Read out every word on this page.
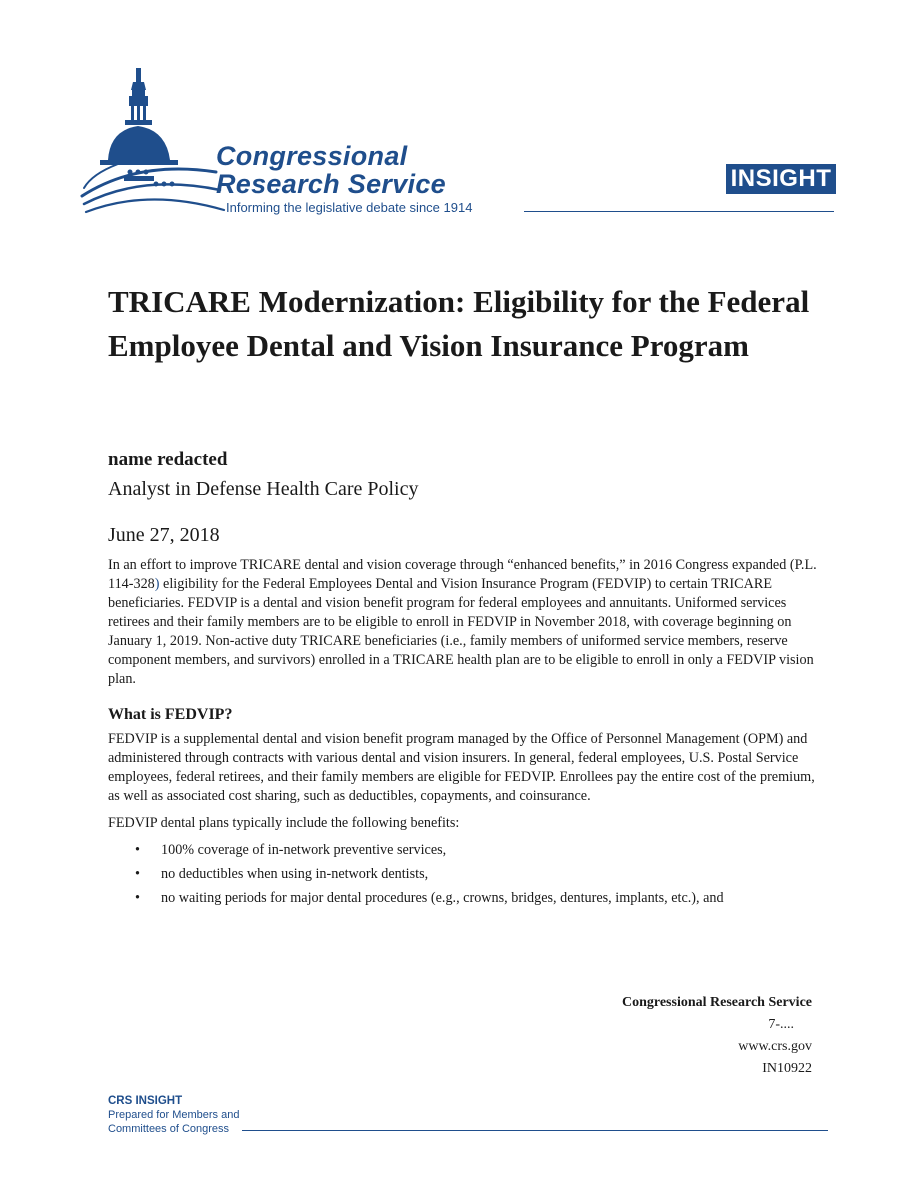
Congressional
Research Service
Informing the legislative debate since 1914
INSIGHT
TRICARE Modernization: Eligibility for the Federal Employee Dental and Vision Insurance Program
name redacted
Analyst in Defense Health Care Policy
June 27, 2018

In an effort to improve TRICARE dental and vision coverage through “enhanced benefits,” in 2016 Congress expanded (P.L. 114-328) eligibility for the Federal Employees Dental and Vision Insurance Program (FEDVIP) to certain TRICARE beneficiaries. FEDVIP is a dental and vision benefit program for federal employees and annuitants. Uniformed services retirees and their family members are to be eligible to enroll in FEDVIP in November 2018, with coverage beginning on January 1, 2019. Non-active duty TRICARE beneficiaries (i.e., family members of uniformed service members, reserve component members, and survivors) enrolled in a TRICARE health plan are to be eligible to enroll in only a FEDVIP vision plan.

What is FEDVIP?

FEDVIP is a supplemental dental and vision benefit program managed by the Office of Personnel Management (OPM) and administered through contracts with various dental and vision insurers. In general, federal employees, U.S. Postal Service employees, federal retirees, and their family members are eligible for FEDVIP. Enrollees pay the entire cost of the premium, as well as associated cost sharing, such as deductibles, copayments, and coinsurance.

FEDVIP dental plans typically include the following benefits:

• 100% coverage of in-network preventive services,
• no deductibles when using in-network dentists,
• no waiting periods for major dental procedures (e.g., crowns, bridges, dentures, implants, etc.), and
Congressional Research Service
7-....
www.crs.gov
IN10922
CRS INSIGHT
Prepared for Members and
Committees of Congress
